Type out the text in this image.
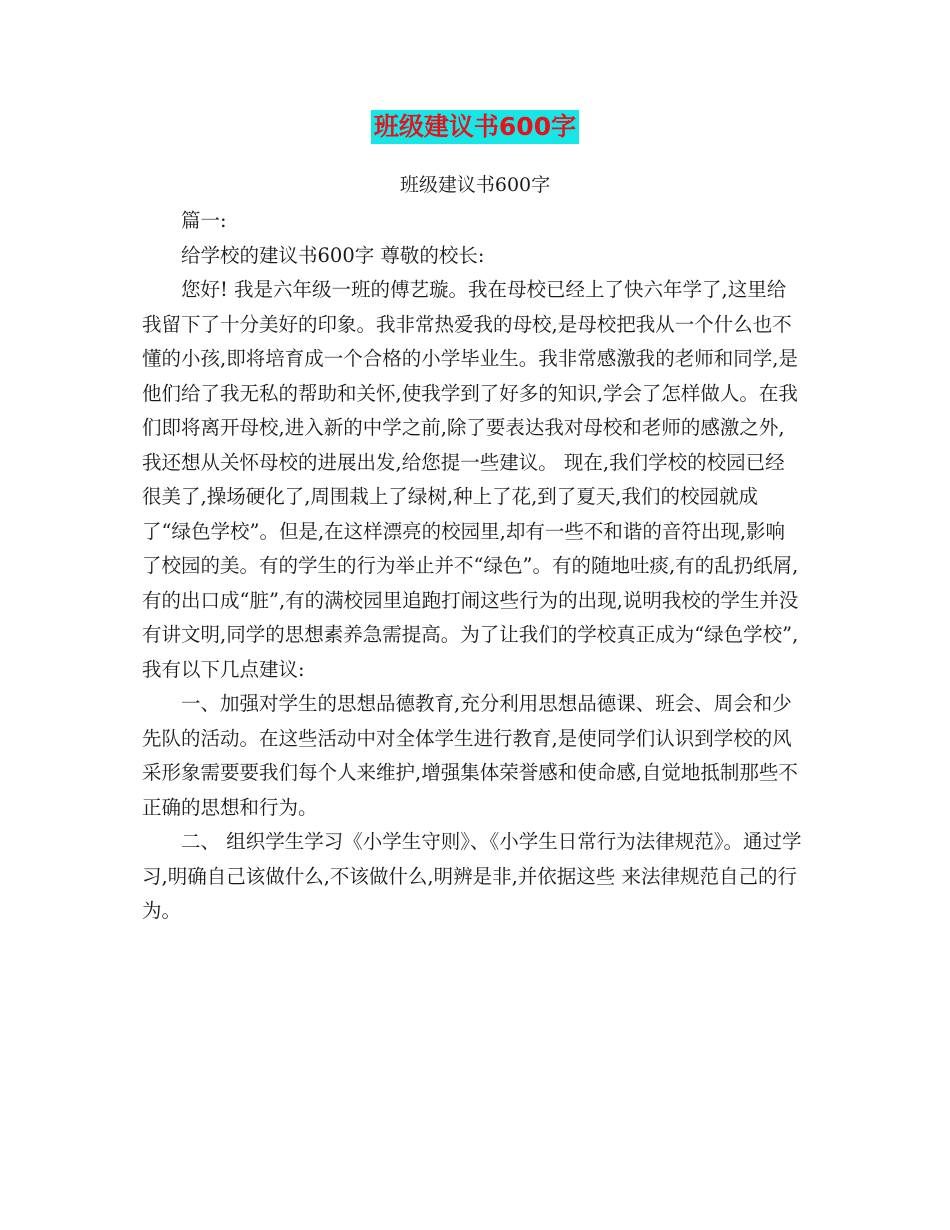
班级建议书600字
班级建议书600字

篇一:

给学校的建议书600字 尊敬的校长:

您好! 我是六年级一班的傅艺璇。我在母校已经上了快六年学了,这里给我留下了十分美好的印象。我非常热爱我的母校,是母校把我从一个什么也不懂的小孩,即将培育成一个合格的小学毕业生。我非常感激我的老师和同学,是他们给了我无私的帮助和关怀,使我学到了好多的知识,学会了怎样做人。在我们即将离开母校,进入新的中学之前,除了要表达我对母校和老师的感激之外,我还想从关怀母校的进展出发,给您提一些建议。 现在,我们学校的校园已经很美了,操场硬化了,周围栽上了绿树,种上了花,到了夏天,我们的校园就成了“绿色学校”。但是,在这样漂亮的校园里,却有一些不和谐的音符出现,影响了校园的美。有的学生的行为举止并不“绿色”。有的随地吐痰,有的乱扔纸屑,有的出口成“脏”,有的满校园里追跑打闹这些行为的出现,说明我校的学生并没有讲文明,同学的思想素养急需提高。为了让我们的学校真正成为“绿色学校”,我有以下几点建议:

一、加强对学生的思想品德教育,充分利用思想品德课、班会、周会和少先队的活动。在这些活动中对全体学生进行教育,是使同学们认识到学校的风采形象需要要我们每个人来维护,增强集体荣誉感和使命感,自觉地抵制那些不正确的思想和行为。

二、 组织学生学习《小学生守则》、《小学生日常行为法律规范》。通过学习,明确自己该做什么,不该做什么,明辨是非,并依据这些 来法律规范自己的行为。
